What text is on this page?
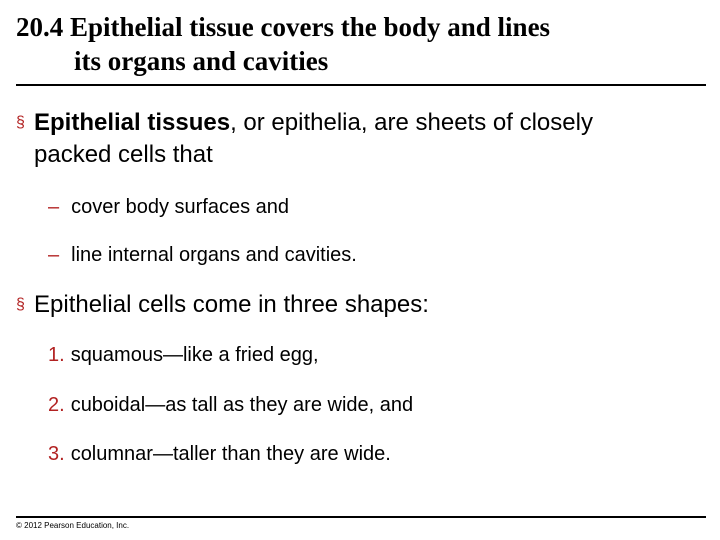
20.4 Epithelial tissue covers the body and lines
its organs and cavities
§ Epithelial tissues, or epithelia, are sheets of closely packed cells that
– cover body surfaces and
– line internal organs and cavities.
§ Epithelial cells come in three shapes:
1. squamous—like a fried egg,
2. cuboidal—as tall as they are wide, and
3. columnar—taller than they are wide.
© 2012 Pearson Education, Inc.
